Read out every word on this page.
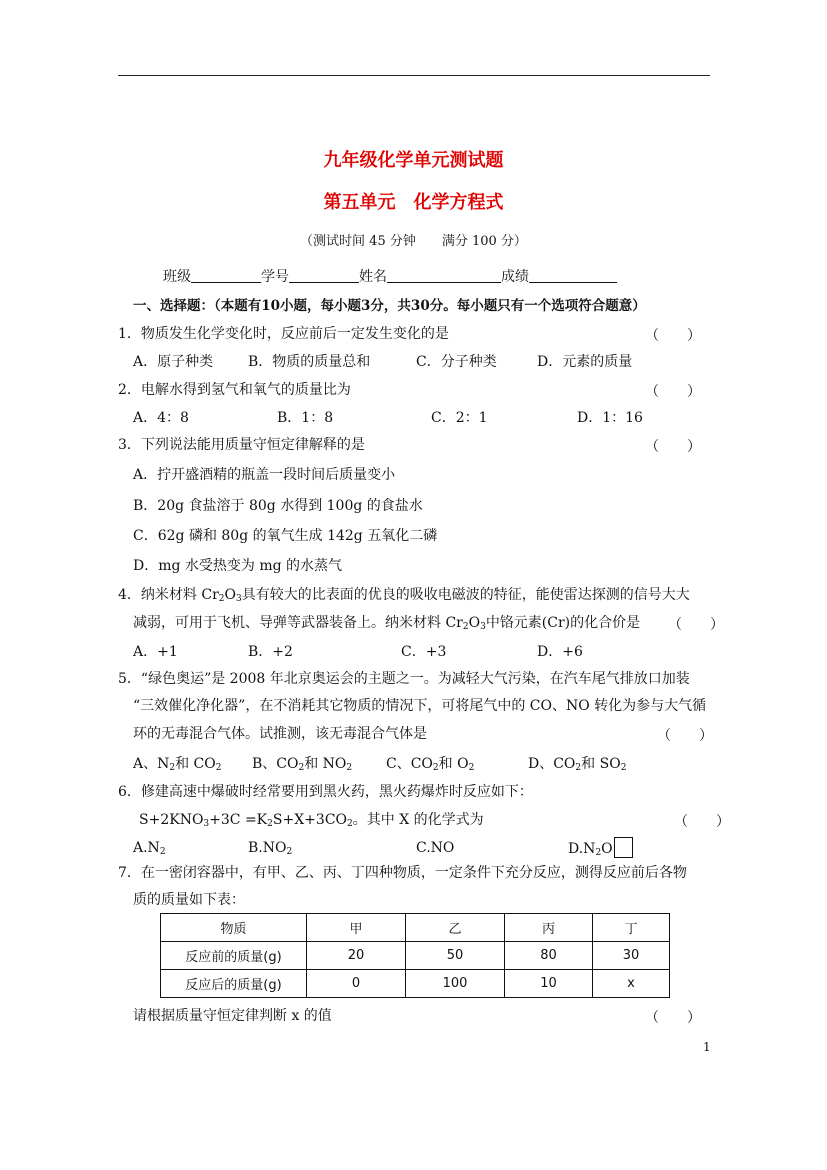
九年级化学单元测试题
第五单元　化学方程式
（测试时间 45 分钟　　满分 100 分）
班级	学号	姓名	成绩
一、选择题：（本题有10小题，每小题3分，共30分。每小题只有一个选项符合题意）
1．物质发生化学变化时，反应前后一定发生变化的是	（　　）
A．原子种类 B．物质的质量总和	C．分子种类	D．元素的质量
2．电解水得到氢气和氧气的质量比为	（　　）
A．4：8	B．1：8	C．2：1	D．1：16
3．下列说法能用质量守恒定律解释的是	（　　）
A．拧开盛酒精的瓶盖一段时间后质量变小
B．20g 食盐溶于 80g 水得到 100g 的食盐水
C．62g 磷和 80g 的氧气生成 142g 五氧化二磷
D．mg 水受热变为 mg 的水蒸气
4．纳米材料 $Cr_2O_3$具有较大的比表面的优良的吸收电磁波的特征，能使雷达探测的信号大大
减弱，可用于飞机、导弹等武器装备上。纳米材料 $Cr_2O_3$中铬元素(Cr)的化合价是 （　　）
A．+1	B．+2	C．+3	D．+6
5．“绿色奥运”是 2008 年北京奥运会的主题之一。为减轻大气污染，在汽车尾气排放口加装
“三效催化净化器”，在不消耗其它物质的情况下，可将尾气中的 CO、NO 转化为参与大气循
环的无毒混合气体。试推测，该无毒混合气体是	（　　）
A、$N_2$和 $CO_2$ B、$CO_2$和 $NO_2$ C、$CO_2$和 $O_2$	D、$CO_2$和 $SO_2$
6．修建高速中爆破时经常要用到黑火药，黑火药爆炸时反应如下：
$S+2KNO_3+3C =K_2S+X+3CO_2$。其中 X 的化学式为	（　　）
$A.N_2$	$B.NO_2$	C.NO	$D.N_2O$
7．在一密闭容器中，有甲、乙、丙、丁四种物质，一定条件下充分反应，测得反应前后各物
质的质量如下表：
物质	甲	乙	丙	丁
反应前的质量(g)	20	50	80	30
反应后的质量(g)	0	100	10	x
请根据质量守恒定律判断 x 的值	（　　）
1
